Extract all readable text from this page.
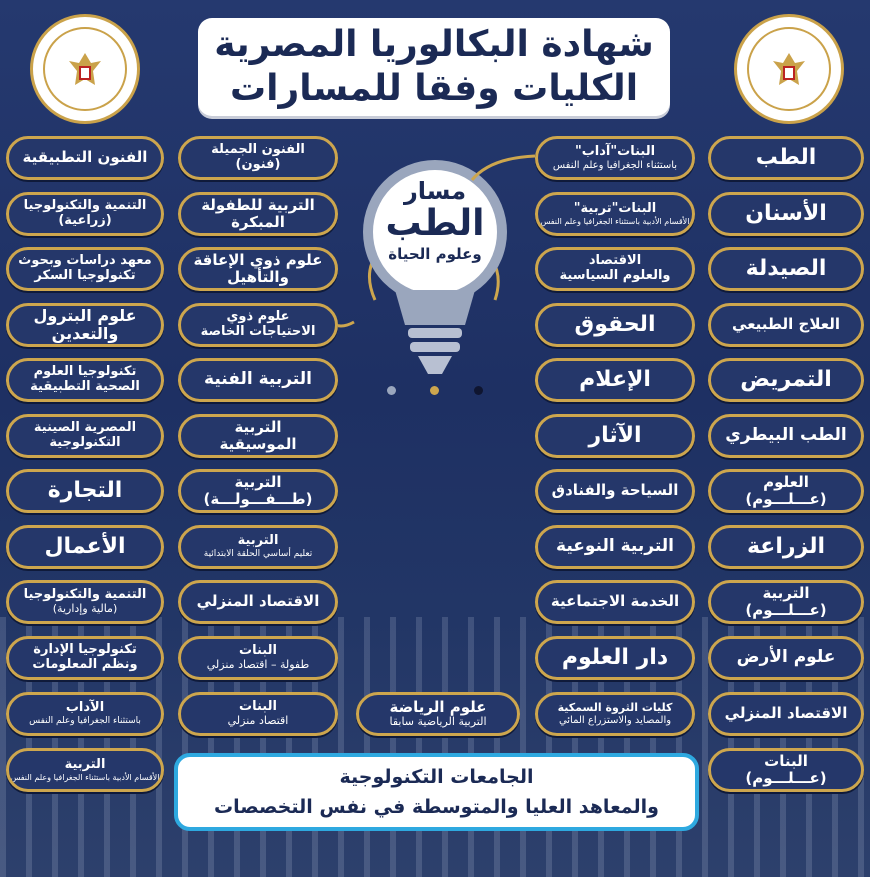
شهادة البكالوريا المصرية
الكليات وفقا للمسارات
مسار
الطب
وعلوم الحياة
الطب
الأسنان
الصيدلة
العلاج الطبيعي
التمريض
الطب البيطري
العلوم
(عـــلـــوم)
الزراعة
التربية
(عـــلـــوم)
علوم الأرض
الاقتصاد المنزلي
البنات
(عـــلـــوم)
البنات"آداب"
باستثناء الجغرافيا وعلم النفس
البنات"تربية"
الأقسام الأدبية باستثناء الجغرافيا وعلم النفس
الاقتصاد
والعلوم السياسية
الحقوق
الإعلام
الآثار
السياحة والفنادق
التربية النوعية
الخدمة الاجتماعية
دار العلوم
كليات الثروة السمكية
والمصايد والاستزراع المائي
علوم الرياضة
التربية الرياضية سابقا
الفنون الجميلة
(فنون)
التربية للطفولة
المبكرة
علوم ذوي الإعاقة
والتأهيل
علوم ذوي
الاحتياجات الخاصة
التربية الفنية
التربية
الموسيقية
التربية
(طـــفـــولـــة)
التربية
تعليم أساسي الحلقة الابتدائية
الاقتصاد المنزلي
البنات
طفولة – اقتصاد منزلي
البنات
اقتصاد منزلي
الفنون التطبيقية
التنمية والتكنولوجيا
(زراعية)
معهد دراسات وبحوث
تكنولوجيا السكر
علوم البترول
والتعدين
تكنولوجيا العلوم
الصحية التطبيقية
المصرية الصينية
التكنولوجية
التجارة
الأعمال
التنمية والتكنولوجيا
(مالية وإدارية)
تكنولوجيا الإدارة
ونظم المعلومات
الآداب
باستثناء الجغرافيا وعلم النفس
التربية
الأقسام الأدبية باستثناء الجغرافيا وعلم النفس	الجامعات التكنولوجية
والمعاهد العليا والمتوسطة في نفس التخصصات
